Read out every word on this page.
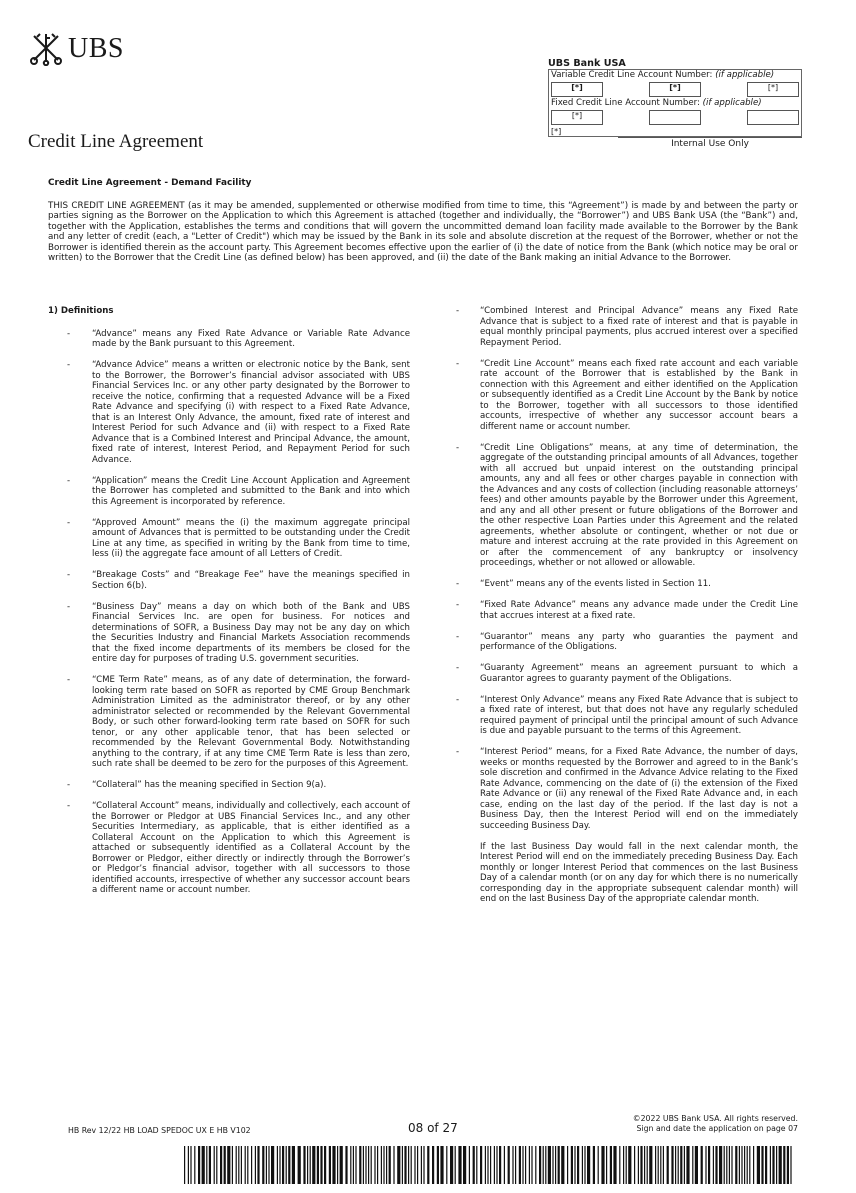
UBS
Credit Line Agreement
UBS Bank USA
Variable Credit Line Account Number: (if applicable)
[*]	[*]	[*]
Fixed Credit Line Account Number: (if applicable)
[*]
[*]
Internal Use Only
Credit Line Agreement - Demand Facility
THIS CREDIT LINE AGREEMENT (as it may be amended, supplemented or otherwise modified from time to time, this “Agreement”) is made by and between the party or parties signing as the Borrower on the Application to which this Agreement is attached (together and individually, the “Borrower”) and UBS Bank USA (the “Bank”) and, together with the Application, establishes the terms and conditions that will govern the uncommitted demand loan facility made available to the Borrower by the Bank and any letter of credit (each, a "Letter of Credit") which may be issued by the Bank in its sole and absolute discretion at the request of the Borrower, whether or not the Borrower is identified therein as the account party. This Agreement becomes effective upon the earlier of (i) the date of notice from the Bank (which notice may be oral or written) to the Borrower that the Credit Line (as defined below) has been approved, and (ii) the date of the Bank making an initial Advance to the Borrower.
1) Definitions
-	“Advance” means any Fixed Rate Advance or Variable Rate Advance made by the Bank pursuant to this Agreement.
-	“Advance Advice” means a written or electronic notice by the Bank, sent to the Borrower, the Borrower’s financial advisor associated with UBS Financial Services Inc. or any other party designated by the Borrower to receive the notice, confirming that a requested Advance will be a Fixed Rate Advance and specifying (i) with respect to a Fixed Rate Advance, that is an Interest Only Advance, the amount, fixed rate of interest and Interest Period for such Advance and (ii) with respect to a Fixed Rate Advance that is a Combined Interest and Principal Advance, the amount, fixed rate of interest, Interest Period, and Repayment Period for such Advance.
-	“Application” means the Credit Line Account Application and Agreement the Borrower has completed and submitted to the Bank and into which this Agreement is incorporated by reference.
-	“Approved Amount” means the (i) the maximum aggregate principal amount of Advances that is permitted to be outstanding under the Credit Line at any time, as specified in writing by the Bank from time to time, less (ii) the aggregate face amount of all Letters of Credit.
-	“Breakage Costs” and “Breakage Fee” have the meanings specified in Section 6(b).
-	“Business Day” means a day on which both of the Bank and UBS Financial Services Inc. are open for business. For notices and determinations of SOFR, a Business Day may not be any day on which the Securities Industry and Financial Markets Association recommends that the fixed income departments of its members be closed for the entire day for purposes of trading U.S. government securities.
-	“CME Term Rate” means, as of any date of determination, the forward-looking term rate based on SOFR as reported by CME Group Benchmark Administration Limited as the administrator thereof, or by any other administrator selected or recommended by the Relevant Governmental Body, or such other forward-looking term rate based on SOFR for such tenor, or any other applicable tenor, that has been selected or recommended by the Relevant Governmental Body. Notwithstanding anything to the contrary, if at any time CME Term Rate is less than zero, such rate shall be deemed to be zero for the purposes of this Agreement.
-	“Collateral” has the meaning specified in Section 9(a).
-	“Collateral Account” means, individually and collectively, each account of the Borrower or Pledgor at UBS Financial Services Inc., and any other Securities Intermediary, as applicable, that is either identified as a Collateral Account on the Application to which this Agreement is attached or subsequently identified as a Collateral Account by the Borrower or Pledgor, either directly or indirectly through the Borrower’s or Pledgor’s financial advisor, together with all successors to those identified accounts, irrespective of whether any successor account bears a different name or account number.
-	“Combined Interest and Principal Advance” means any Fixed Rate Advance that is subject to a fixed rate of interest and that is payable in equal monthly principal payments, plus accrued interest over a specified Repayment Period.
-	“Credit Line Account” means each fixed rate account and each variable rate account of the Borrower that is established by the Bank in connection with this Agreement and either identified on the Application or subsequently identified as a Credit Line Account by the Bank by notice to the Borrower, together with all successors to those identified accounts, irrespective of whether any successor account bears a different name or account number.
-	“Credit Line Obligations” means, at any time of determination, the aggregate of the outstanding principal amounts of all Advances, together with all accrued but unpaid interest on the outstanding principal amounts, any and all fees or other charges payable in connection with the Advances and any costs of collection (including reasonable attorneys’ fees) and other amounts payable by the Borrower under this Agreement, and any and all other present or future obligations of the Borrower and the other respective Loan Parties under this Agreement and the related agreements, whether absolute or contingent, whether or not due or mature and interest accruing at the rate provided in this Agreement on or after the commencement of any bankruptcy or insolvency proceedings, whether or not allowed or allowable.
-	“Event” means any of the events listed in Section 11.
-	“Fixed Rate Advance” means any advance made under the Credit Line that accrues interest at a fixed rate.
-	“Guarantor” means any party who guaranties the payment and performance of the Obligations.
-	“Guaranty Agreement” means an agreement pursuant to which a Guarantor agrees to guaranty payment of the Obligations.
-	“Interest Only Advance” means any Fixed Rate Advance that is subject to a fixed rate of interest, but that does not have any regularly scheduled required payment of principal until the principal amount of such Advance is due and payable pursuant to the terms of this Agreement.
-	“Interest Period” means, for a Fixed Rate Advance, the number of days, weeks or months requested by the Borrower and agreed to in the Bank’s sole discretion and confirmed in the Advance Advice relating to the Fixed Rate Advance, commencing on the date of (i) the extension of the Fixed Rate Advance or (ii) any renewal of the Fixed Rate Advance and, in each case, ending on the last day of the period. If the last day is not a Business Day, then the Interest Period will end on the immediately succeeding Business Day.
If the last Business Day would fall in the next calendar month, the Interest Period will end on the immediately preceding Business Day. Each monthly or longer Interest Period that commences on the last Business Day of a calendar month (or on any day for which there is no numerically corresponding day in the appropriate subsequent calendar month) will end on the last Business Day of the appropriate calendar month.
HB Rev 12/22 HB LOAD SPEDOC UX E HB V102	08 of 27
©2022 UBS Bank USA. All rights reserved.
Sign and date the application on page 07
